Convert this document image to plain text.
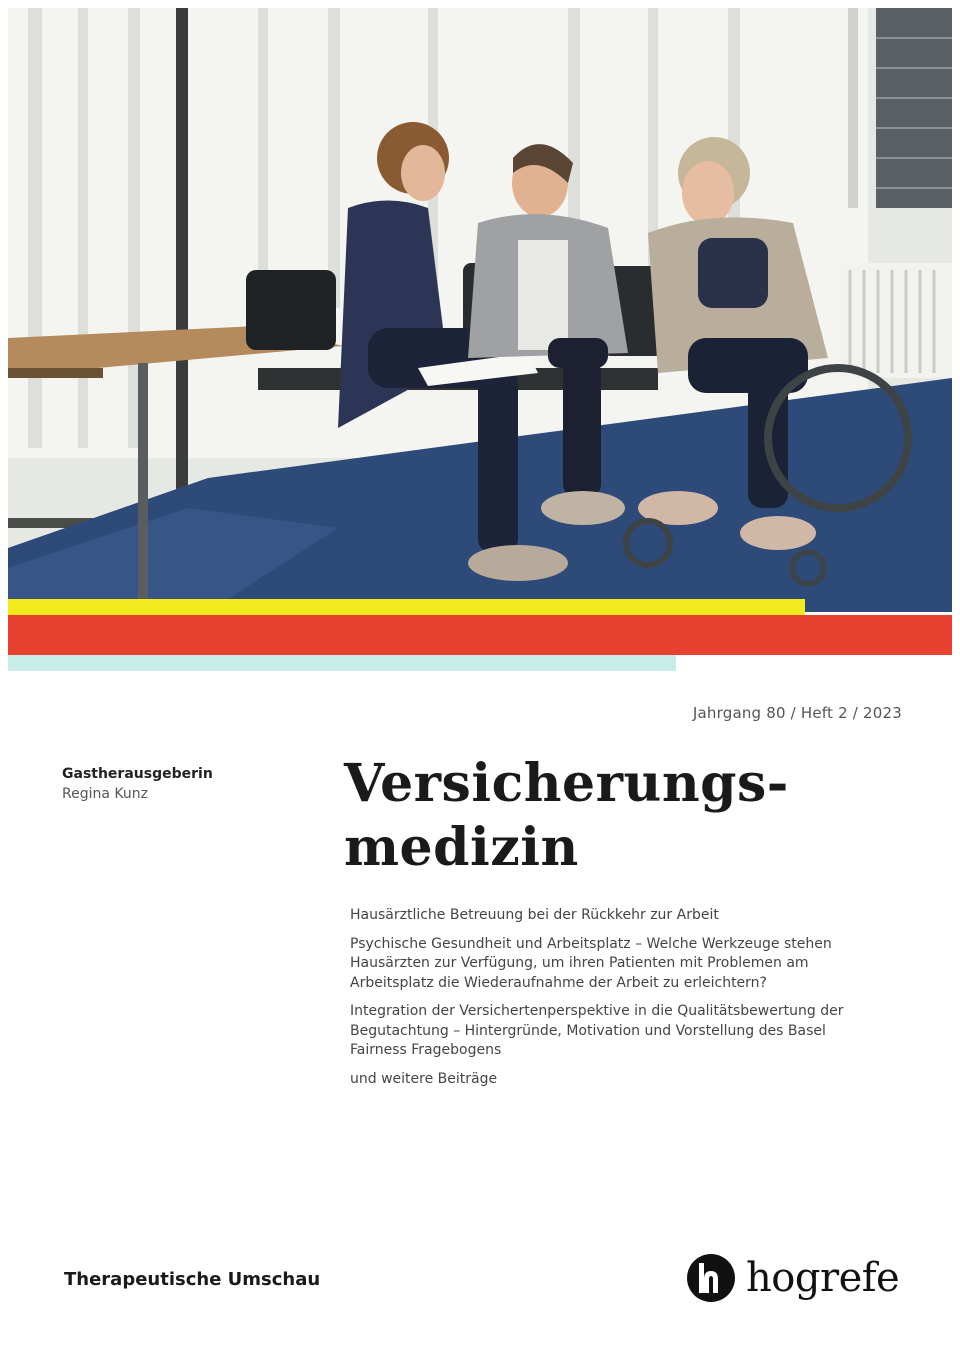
Jahrgang 80 / Heft 2 / 2023
Gastherausgeberin
Regina Kunz	Versicherungs-
medizin

Hausärztliche Betreuung bei der Rückkehr zur Arbeit

Psychische Gesundheit und Arbeitsplatz – Welche Werkzeuge stehen Hausärzten zur Verfügung, um ihren Patienten mit Problemen am Arbeitsplatz die Wiederaufnahme der Arbeit zu erleichtern?

Integration der Versichertenperspektive in die Qualitätsbewertung der Begutachtung – Hintergründe, Motivation und Vorstellung des Basel Fairness Fragebogens

und weitere Beiträge

Therapeutische Umschau	hogrefe
